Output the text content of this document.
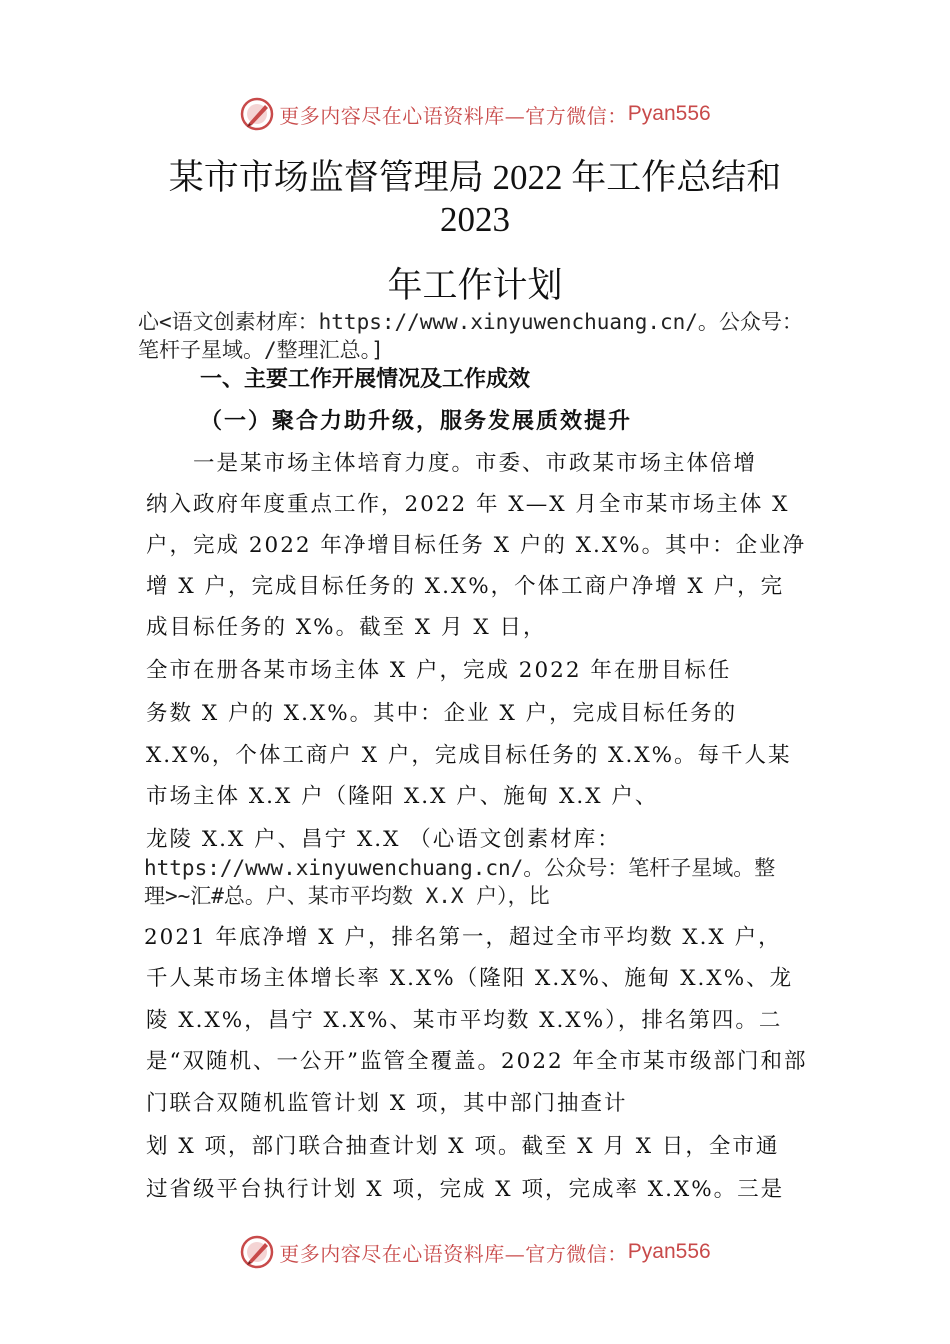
更多内容尽在心语资料库—官方微信： Pyan556
某市市场监督管理局 2022 年工作总结和
2023
年工作计划
心<语文创素材库：https://www.xinyuwenchuang.cn/。公众号：
笔杆子星域。/整理汇总。]
一、主要工作开展情况及工作成效
（一）聚合力助升级，服务发展质效提升
　　一是某市场主体培育力度。市委、市政某市场主体倍增
纳入政府年度重点工作，2022 年 X—X 月全市某市场主体 X
户，完成 2022 年净增目标任务 X 户的 X.X%。其中：企业净
增 X 户，完成目标任务的 X.X%，个体工商户净增 X 户，完
成目标任务的 X%。截至 X 月 X 日，
全市在册各某市场主体 X 户，完成 2022 年在册目标任
务数 X 户的 X.X%。其中：企业 X 户，完成目标任务的
X.X%，个体工商户 X 户，完成目标任务的 X.X%。每千人某
市场主体 X.X 户（隆阳 X.X 户、施甸 X.X 户、
龙陵 X.X 户、昌宁 X.X （心语文创素材库：
https://www.xinyuwenchuang.cn/。公众号：笔杆子星域。整
理>~汇#总。户、某市平均数 X.X 户），比
2021 年底净增 X 户，排名第一，超过全市平均数 X.X 户，
千人某市场主体增长率 X.X%（隆阳 X.X%、施甸 X.X%、龙
陵 X.X%，昌宁 X.X%、某市平均数 X.X%），排名第四。二
是“双随机、一公开”监管全覆盖。2022 年全市某市级部门和部
门联合双随机监管计划 X 项，其中部门抽查计
划 X 项，部门联合抽查计划 X 项。截至 X 月 X 日，全市通
过省级平台执行计划 X 项，完成 X 项，完成率 X.X%。三是
更多内容尽在心语资料库—官方微信： Pyan556
